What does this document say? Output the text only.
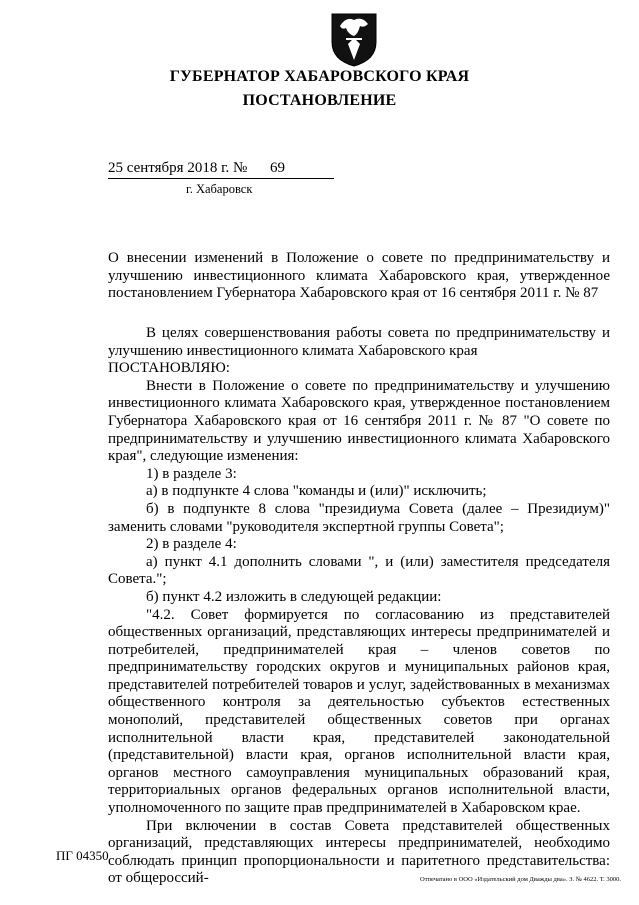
ГУБЕРНАТОР ХАБАРОВСКОГО КРАЯ
ПОСТАНОВЛЕНИЕ
25 сентября 2018 г. № 69
г. Хабаровск
О внесении изменений в Положение о совете по предпринимательству и улучшению инвестиционного климата Хабаровского края, утвержденное постановлением Губернатора Хабаровского края от 16 сентября 2011 г. № 87

В целях совершенствования работы совета по предпринимательству и улучшению инвестиционного климата Хабаровского края

ПОСТАНОВЛЯЮ:

Внести в Положение о совете по предпринимательству и улучшению инвестиционного климата Хабаровского края, утвержденное постановлением Губернатора Хабаровского края от 16 сентября 2011 г. № 87 "О совете по предпринимательству и улучшению инвестиционного климата Хабаровского края", следующие изменения:

1) в разделе 3:

а) в подпункте 4 слова "команды и (или)" исключить;

б) в подпункте 8 слова "президиума Совета (далее – Президиум)" заменить словами "руководителя экспертной группы Совета";

2) в разделе 4:

а) пункт 4.1 дополнить словами ", и (или) заместителя председателя Совета.";

б) пункт 4.2 изложить в следующей редакции:

"4.2. Совет формируется по согласованию из представителей общественных организаций, представляющих интересы предпринимателей и потребителей, предпринимателей края – членов советов по предпринимательству городских округов и муниципальных районов края, представителей потребителей товаров и услуг, задействованных в механизмах общественного контроля за деятельностью субъектов естественных монополий, представителей общественных советов при органах исполнительной власти края, представителей законодательной (представительной) власти края, органов исполнительной власти края, органов местного самоуправления муниципальных образований края, территориальных органов федеральных органов исполнительной власти, уполномоченного по защите прав предпринимателей в Хабаровском крае.

При включении в состав Совета представителей общественных организаций, представляющих интересы предпринимателей, необходимо соблюдать принцип пропорциональности и паритетного представительства: от общероссий-

ПГ 04350
Отпечатано в ООО «Издательский дом Дважды два». З. № 4622. Т. 3000.
